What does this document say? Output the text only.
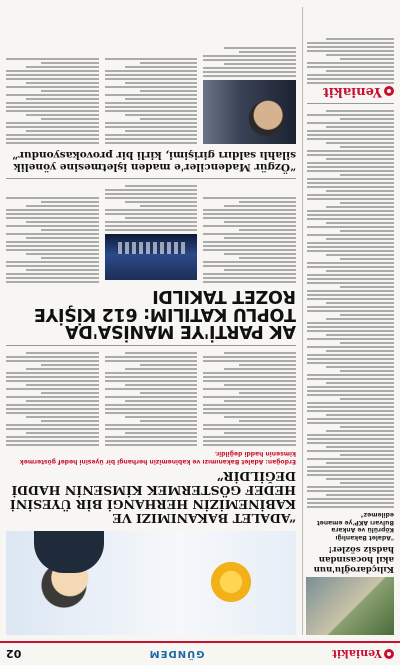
Yeniakit
GÜNDEM
02
Kılıçdaroğlu'nun akıl hocasından hadsiz sözler!
"Adalet Bakanlığı Köprülü ve Ankara Bulvarı AKP'ye emanet edilemez"
Yeniakit
“ADALET BAKANIMIZI VE KABİNEMİZİN HERHANGİ BİR ÜYESİNİ HEDEF GÖSTERMEK KİMSENİN HADDİ DEĞİLDİR”
Erdoğan: Adalet Bakanımızı ve kabinemizin herhangi bir üyesini hedef göstermek kimsenin haddi değildir.
AK PARTİ'YE MANİSA'DA TOPLU KATILIM: 612 KİŞİYE ROZET TAKILDI
“Özgür Madenciler'e maden işletmesine yönelik silahlı saldırı girişimi, kirli bir provokasyondur”
